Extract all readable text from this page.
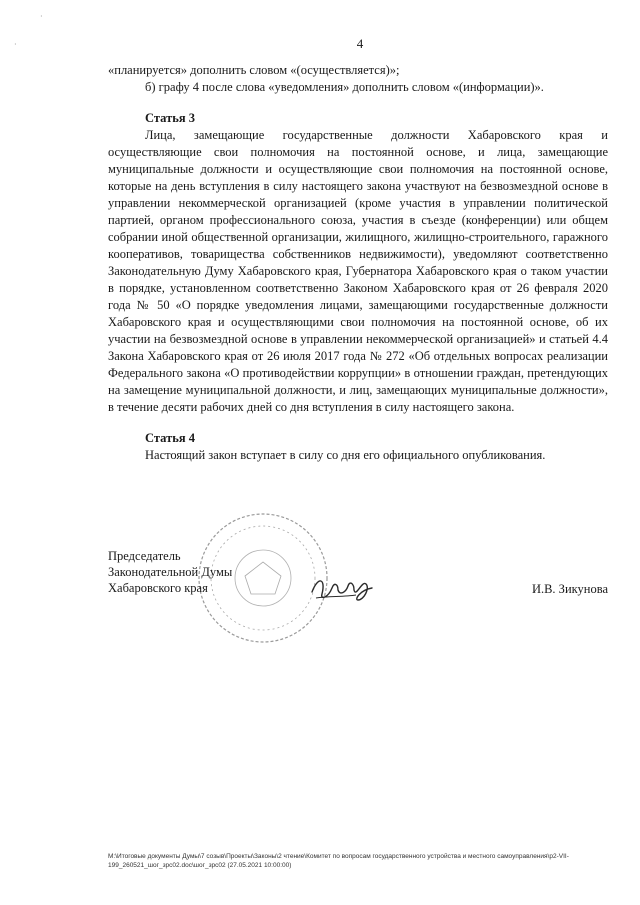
·
·	4

«планируется» дополнить словом «(осуществляется)»;

б) графу 4 после слова «уведомления» дополнить словом «(информации)».

Статья 3

Лица, замещающие государственные должности Хабаровского края и осуществляющие свои полномочия на постоянной основе, и лица, замещающие муниципальные должности и осуществляющие свои полномочия на постоянной основе, которые на день вступления в силу настоящего закона участвуют на безвозмездной основе в управлении некоммерческой организацией (кроме участия в управлении политической партией, органом профессионального союза, участия в съезде (конференции) или общем собрании иной общественной организации, жилищного, жилищно-строительного, гаражного кооперативов, товарищества собственников недвижимости), уведомляют соответственно Законодательную Думу Хабаровского края, Губернатора Хабаровского края о таком участии в порядке, установленном соответственно Законом Хабаровского края от 26 февраля 2020 года № 50 «О порядке уведомления лицами, замещающими государственные должности Хабаровского края и осуществляющими свои полномочия на постоянной основе, об их участии на безвозмездной основе в управлении некоммерческой организацией» и статьей 4.4 Закона Хабаровского края от 26 июля 2017 года № 272 «Об отдельных вопросах реализации Федерального закона «О противодействии коррупции» в отношении граждан, претендующих на замещение муниципальной должности, и лиц, замещающих муниципальные должности», в течение десяти рабочих дней со дня вступления в силу настоящего закона.

Статья 4

Настоящий закон вступает в силу со дня его официального опубликования.

Председатель
Законодательной Думы
Хабаровского края	И.В. Зикунова
M:\Итоговые документы Думы\7 созыв\Проекты\Законы\2 чтение\Комитет по вопросам государственного устройства и местного самоуправления\р2-VII-
199_260521_шог_зрс02.doc\шог_зрс02 (27.05.2021 10:00:00)
